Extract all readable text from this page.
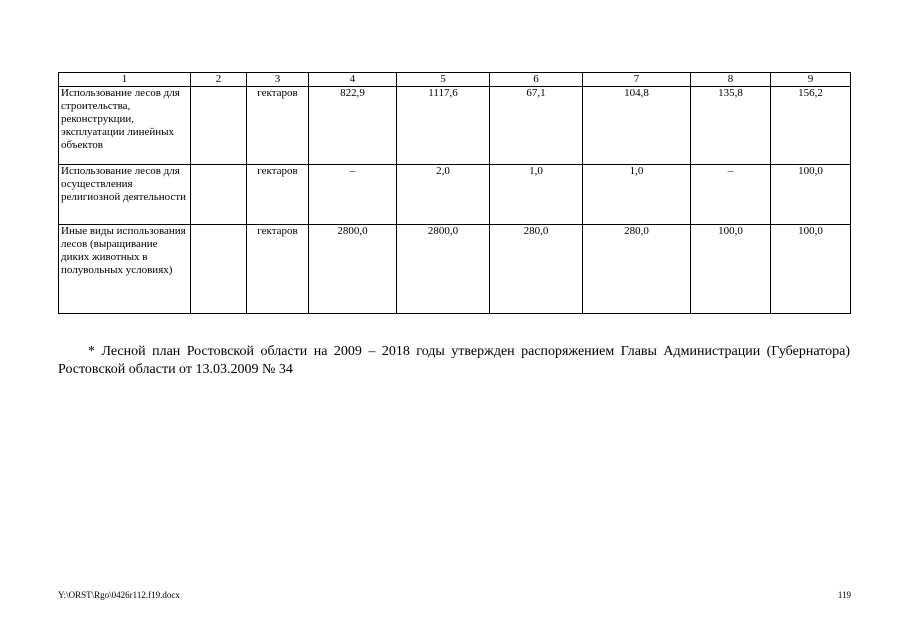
1	2	3	4	5	6	7	8	9
Использование лесов для строительства, реконструкции, эксплуатации линейных объектов		гектаров	822,9	1117,6	67,1	104,8	135,8	156,2
Использование лесов для осуществления религиозной деятельности		гектаров	–	2,0	1,0	1,0	–	100,0
Иные виды использования лесов (выращивание диких животных в полувольных условиях)		гектаров	2800,0	2800,0	280,0	280,0	100,0	100,0

* Лесной план Ростовской области на 2009 – 2018 годы утвержден распоряжением Главы Администрации (Губернатора) Ростовской области от 13.03.2009 № 34

Y:\ORST\Rgo\0426r112.f19.docx	119
